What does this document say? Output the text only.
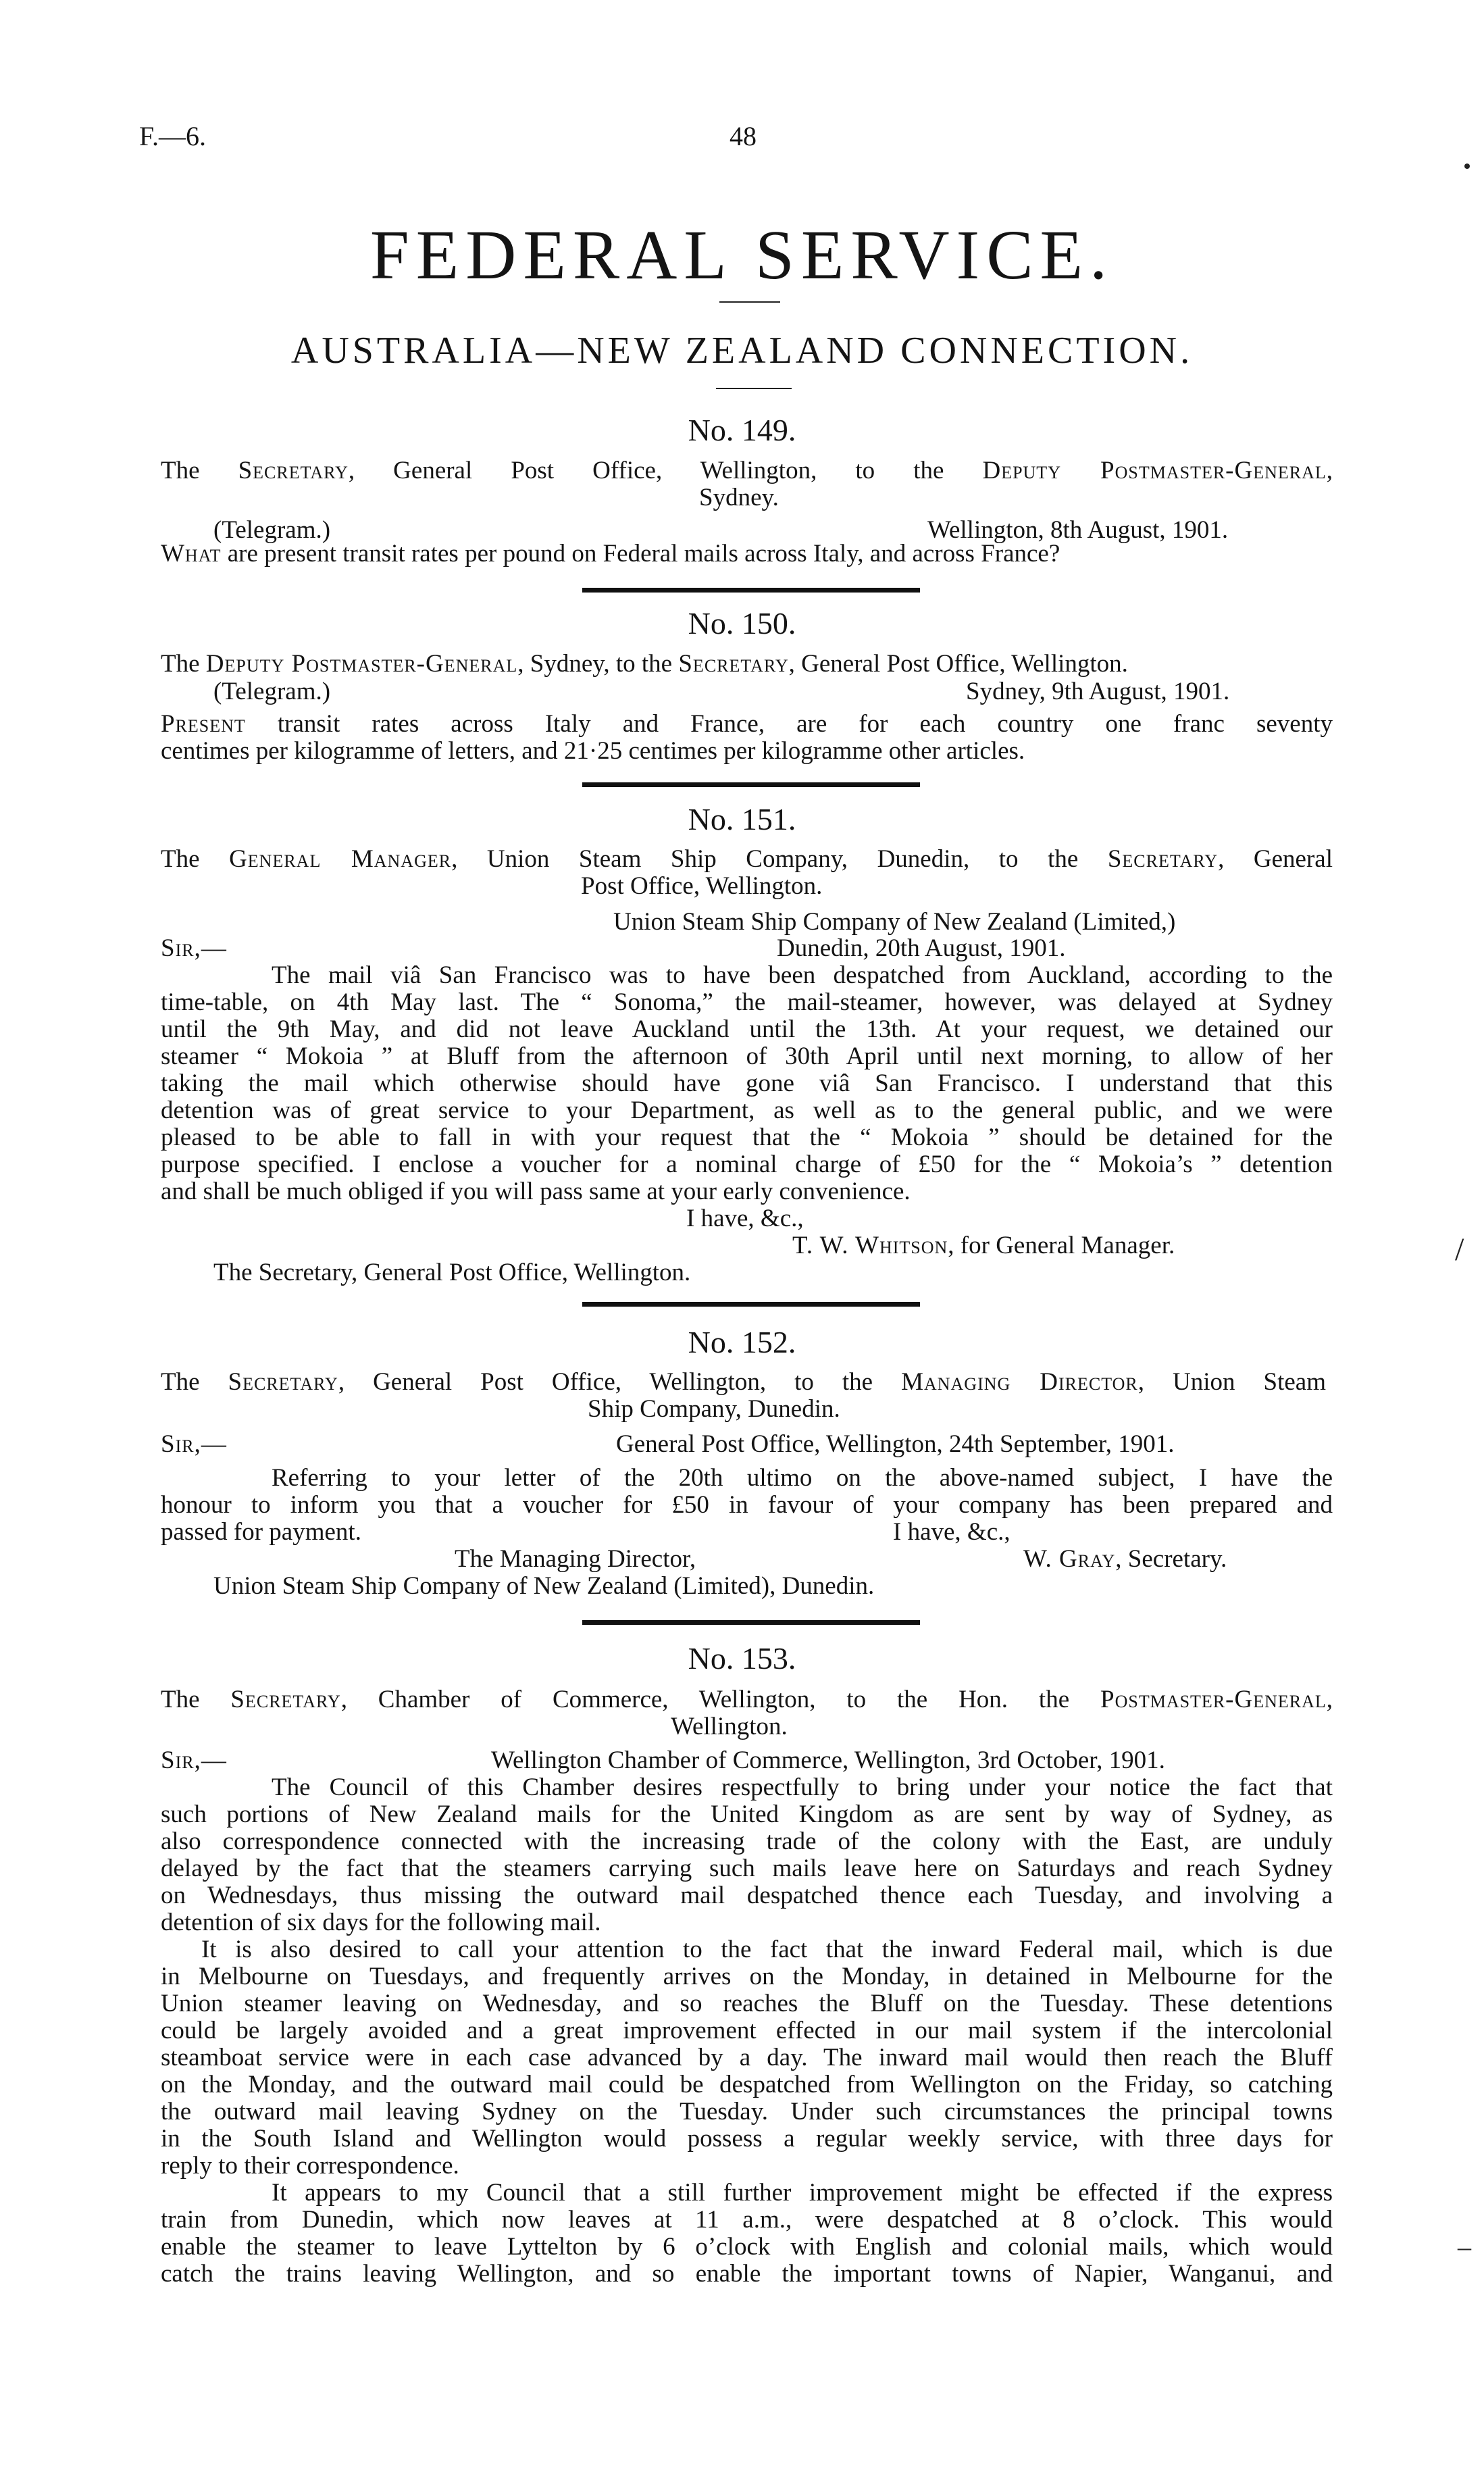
F.—6.	48
FEDERAL SERVICE.
AUSTRALIA—NEW ZEALAND CONNECTION.
No. 149.
The Secretary, General Post Office, Wellington, to the Deputy Postmaster-General,
Sydney.
(Telegram.)	Wellington, 8th August, 1901.
What are present transit rates per pound on Federal mails across Italy, and across France?
No. 150.
The Deputy Postmaster-General, Sydney, to the Secretary, General Post Office, Wellington.
(Telegram.)	Sydney, 9th August, 1901.
Present transit rates across Italy and France, are for each country one franc seventy
centimes per kilogramme of letters, and 21·25 centimes per kilogramme other articles.
No. 151.
The General Manager, Union Steam Ship Company, Dunedin, to the Secretary, General
Post Office, Wellington.
Union Steam Ship Company of New Zealand (Limited,)
Sir,—	Dunedin, 20th August, 1901.
The mail viâ San Francisco was to have been despatched from Auckland, according to the
time-table, on 4th May last. The “ Sonoma,” the mail-steamer, however, was delayed at Sydney
until the 9th May, and did not leave Auckland until the 13th. At your request, we detained our
steamer “ Mokoia ” at Bluff from the afternoon of 30th April until next morning, to allow of her
taking the mail which otherwise should have gone viâ San Francisco. I understand that this
detention was of great service to your Department, as well as to the general public, and we were
pleased to be able to fall in with your request that the “ Mokoia ” should be detained for the
purpose specified. I enclose a voucher for a nominal charge of £50 for the “ Mokoia’s ” detention
and shall be much obliged if you will pass same at your early convenience.
I have, &c.,
T. W. Whitson, for General Manager.
The Secretary, General Post Office, Wellington.
/
No. 152.
The Secretary, General Post Office, Wellington, to the Managing Director, Union Steam
Ship Company, Dunedin.
Sir,—	General Post Office, Wellington, 24th September, 1901.
Referring to your letter of the 20th ultimo on the above-named subject, I have the
honour to inform you that a voucher for £50 in favour of your company has been prepared and
passed for payment.	I have, &c.,
The Managing Director,	W. Gray, Secretary.
Union Steam Ship Company of New Zealand (Limited), Dunedin.
No. 153.
The Secretary, Chamber of Commerce, Wellington, to the Hon. the Postmaster-General,
Wellington.
Sir,—	Wellington Chamber of Commerce, Wellington, 3rd October, 1901.
The Council of this Chamber desires respectfully to bring under your notice the fact that
such portions of New Zealand mails for the United Kingdom as are sent by way of Sydney, as
also correspondence connected with the increasing trade of the colony with the East, are unduly
delayed by the fact that the steamers carrying such mails leave here on Saturdays and reach Sydney
on Wednesdays, thus missing the outward mail despatched thence each Tuesday, and involving a
detention of six days for the following mail.
It is also desired to call your attention to the fact that the inward Federal mail, which is due
in Melbourne on Tuesdays, and frequently arrives on the Monday, in detained in Melbourne for the
Union steamer leaving on Wednesday, and so reaches the Bluff on the Tuesday. These detentions
could be largely avoided and a great improvement effected in our mail system if the intercolonial
steamboat service were in each case advanced by a day. The inward mail would then reach the Bluff
on the Monday, and the outward mail could be despatched from Wellington on the Friday, so catching
the outward mail leaving Sydney on the Tuesday. Under such circumstances the principal towns
in the South Island and Wellington would possess a regular weekly service, with three days for
reply to their correspondence.
It appears to my Council that a still further improvement might be effected if the express
train from Dunedin, which now leaves at 11 a.m., were despatched at 8 o’clock. This would
enable the steamer to leave Lyttelton by 6 o’clock with English and colonial mails, which would
catch the trains leaving Wellington, and so enable the important towns of Napier, Wanganui, and
–
